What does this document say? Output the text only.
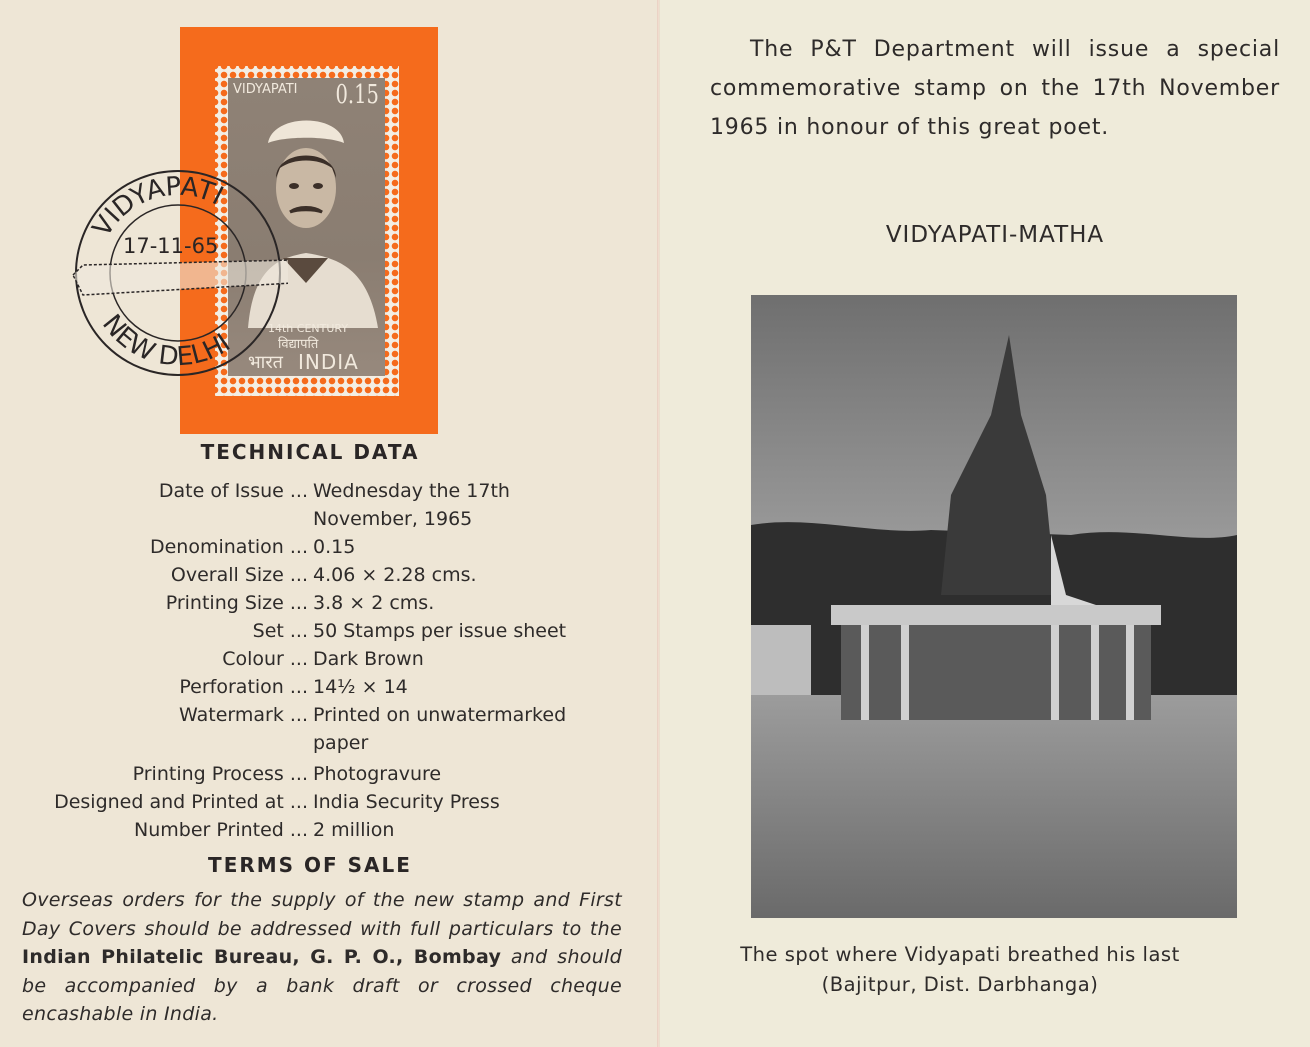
VIDYAPATI 0.15
14th CENTURY
विद्यापति
भारत INDIA
VIDYAPATI
NEW DELHI
17-11-65
TECHNICAL DATA
Date of Issue ... Wednesday the 17th
November, 1965
Denomination ... 0.15
Overall Size ... 4.06 × 2.28 cms.
Printing Size ... 3.8 × 2 cms.
Set ... 50 Stamps per issue sheet
Colour ... Dark Brown
Perforation ... 14½ × 14
Watermark ... Printed on unwatermarked
paper
Printing Process ... Photogravure
Designed and Printed at ... India Security Press
Number Printed ... 2 million
TERMS OF SALE

Overseas orders for the supply of the new stamp and First Day Covers should be addressed with full particulars to the Indian Philatelic Bureau, G. P. O., Bombay and should be accompanied by a bank draft or crossed cheque encashable in India.

The P&T Department will issue a special commemorative stamp on the 17th November 1965 in honour of this great poet.
VIDYAPATI-MATHA
The spot where Vidyapati breathed his last
(Bajitpur, Dist. Darbhanga)
